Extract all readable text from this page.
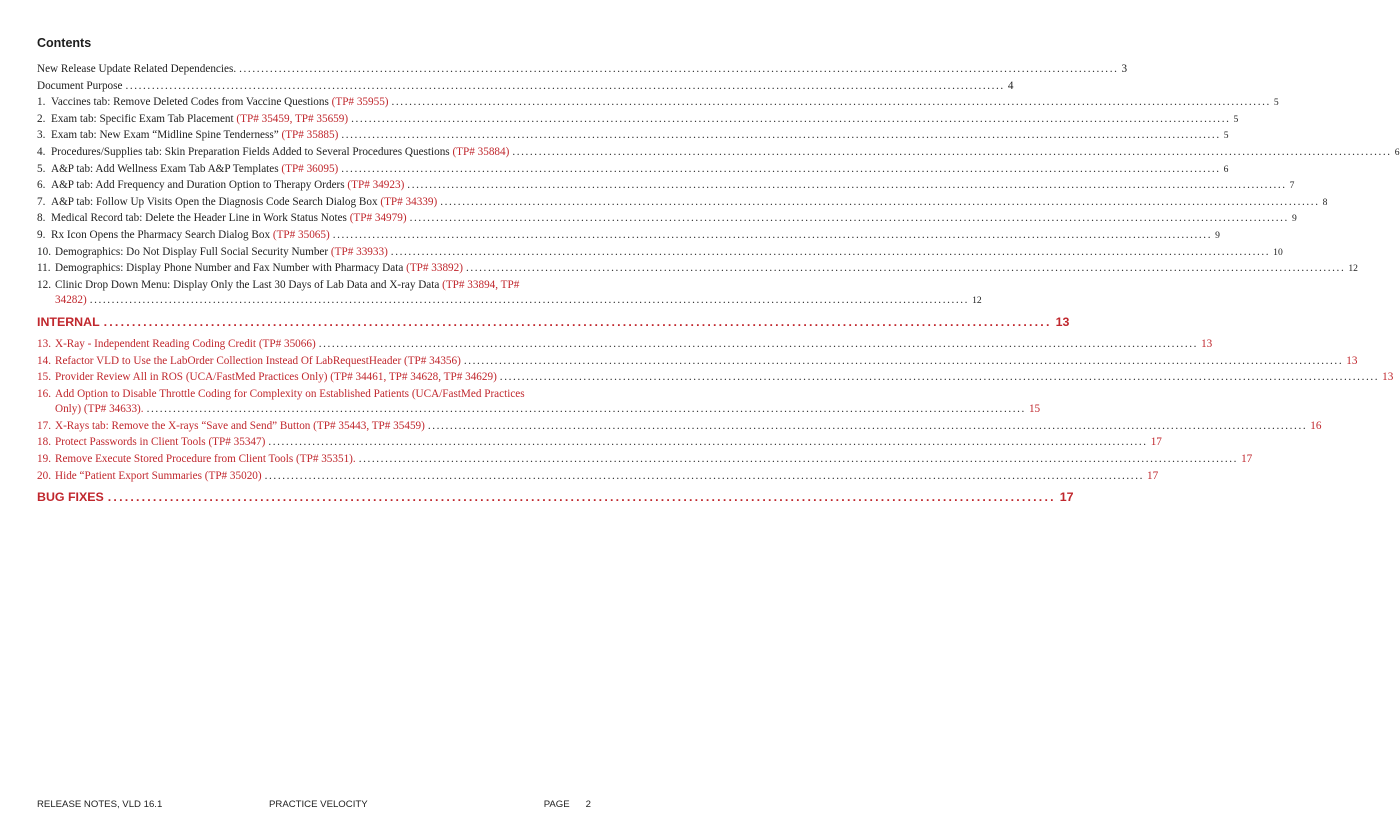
Contents
New Release Update Related Dependencies. .....	3
Document Purpose .....	4
1. Vaccines tab: Remove Deleted Codes from Vaccine Questions (TP# 35955) .....	5
2. Exam tab: Specific Exam Tab Placement (TP# 35459, TP# 35659) .....	5
3. Exam tab: New Exam “Midline Spine Tenderness” (TP# 35885) .....	5
4. Procedures/Supplies tab: Skin Preparation Fields Added to Several Procedures Questions (TP# 35884) .....	6
5. A&P tab: Add Wellness Exam Tab A&P Templates (TP# 36095) .....	6
6. A&P tab: Add Frequency and Duration Option to Therapy Orders (TP# 34923) .....	7
7. A&P tab: Follow Up Visits Open the Diagnosis Code Search Dialog Box (TP# 34339) .....	8
8. Medical Record tab: Delete the Header Line in Work Status Notes (TP# 34979) .....	9
9. Rx Icon Opens the Pharmacy Search Dialog Box (TP# 35065) .....	9
10. Demographics: Do Not Display Full Social Security Number (TP# 33933) .....	10
11. Demographics: Display Phone Number and Fax Number with Pharmacy Data (TP# 33892) .....	12
12. Clinic Drop Down Menu: Display Only the Last 30 Days of Lab Data and X-ray Data
(TP# 33894, TP#
34282) .....	12
INTERNAL .....	13
13. X-Ray - Independent Reading Coding Credit (TP# 35066) .....	13
14. Refactor VLD to Use the LabOrder Collection Instead Of LabRequestHeader (TP# 34356) .....	13
15. Provider Review All in ROS (UCA/FastMed Practices Only) (TP# 34461, TP# 34628, TP# 34629) .....	13
16. Add Option to Disable Throttle Coding for Complexity on Established Patients (UCA/FastMed Practices
Only) (TP# 34633). .....	15
17. X-Rays tab: Remove the X-rays “Save and Send” Button (TP# 35443, TP# 35459) .....	16
18. Protect Passwords in Client Tools (TP# 35347) .....	17
19. Remove Execute Stored Procedure from Client Tools (TP# 35351). .....	17
20. Hide “Patient Export Summaries (TP# 35020) .....	17
BUG FIXES .....	17
RELEASE NOTES, VLD 16.1	PRACTICE VELOCITY	PAGE 2
